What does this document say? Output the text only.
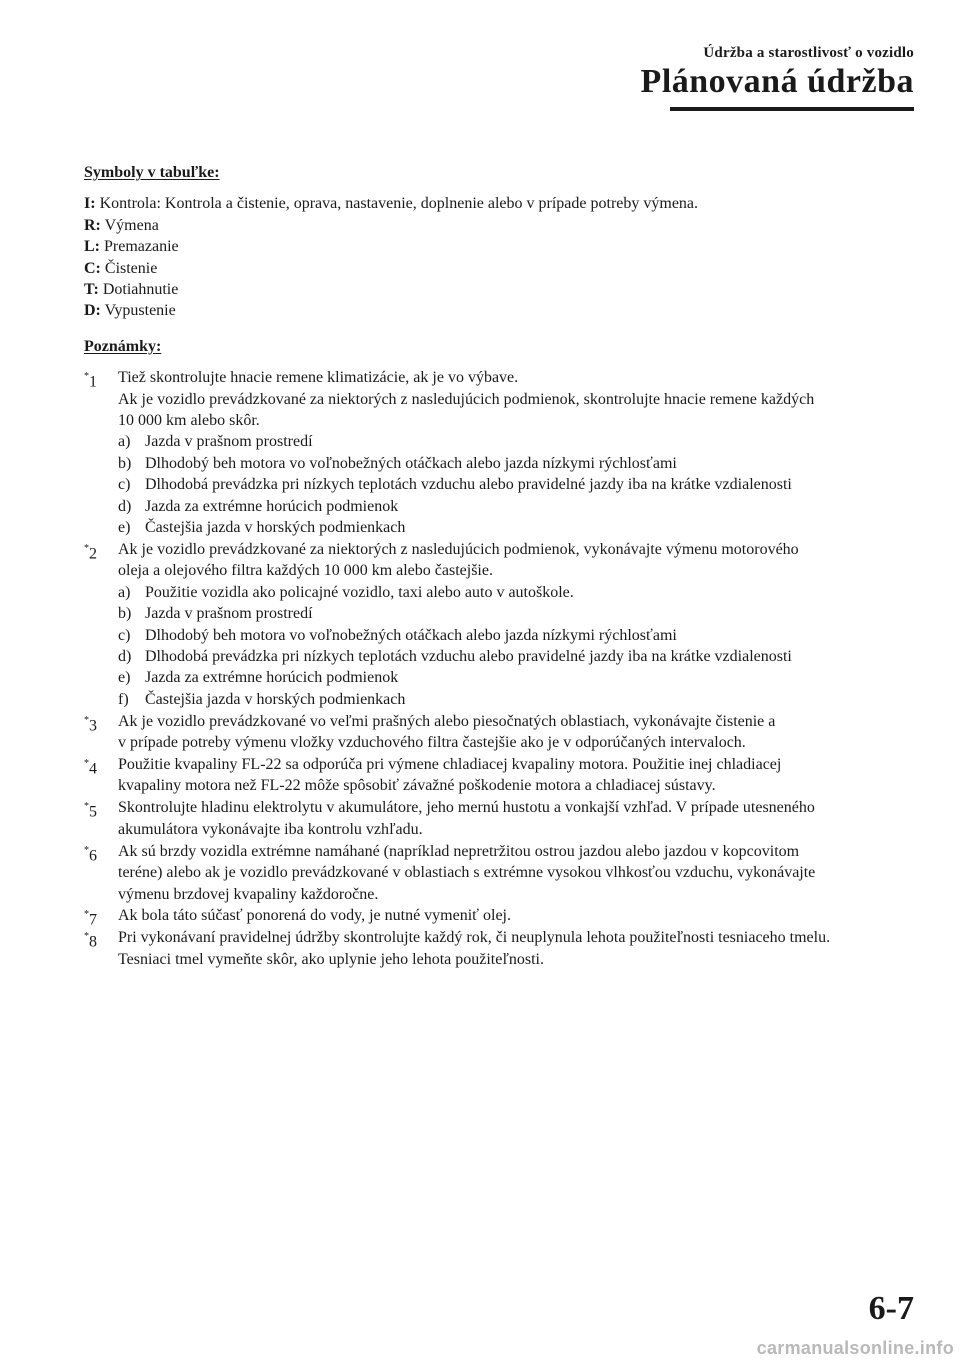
Údržba a starostlivosť o vozidlo
Plánovaná údržba
Symboly v tabuľke:
I: Kontrola: Kontrola a čistenie, oprava, nastavenie, doplnenie alebo v prípade potreby výmena.
R: Výmena
L: Premazanie
C: Čistenie
T: Dotiahnutie
D: Vypustenie
Poznámky:
*1 Tiež skontrolujte hnacie remene klimatizácie, ak je vo výbave.
Ak je vozidlo prevádzkované za niektorých z nasledujúcich podmienok, skontrolujte hnacie remene každých
10 000 km alebo skôr.
a) Jazda v prašnom prostredí
b) Dlhodobý beh motora vo voľnobežných otáčkach alebo jazda nízkymi rýchlosťami
c) Dlhodobá prevádzka pri nízkych teplotách vzduchu alebo pravidelné jazdy iba na krátke vzdialenosti
d) Jazda za extrémne horúcich podmienok
e) Častejšia jazda v horských podmienkach
*2 Ak je vozidlo prevádzkované za niektorých z nasledujúcich podmienok, vykonávajte výmenu motorového
oleja a olejového filtra každých 10 000 km alebo častejšie.
a) Použitie vozidla ako policajné vozidlo, taxi alebo auto v autoškole.
b) Jazda v prašnom prostredí
c) Dlhodobý beh motora vo voľnobežných otáčkach alebo jazda nízkymi rýchlosťami
d) Dlhodobá prevádzka pri nízkych teplotách vzduchu alebo pravidelné jazdy iba na krátke vzdialenosti
e) Jazda za extrémne horúcich podmienok
f) Častejšia jazda v horských podmienkach
*3 Ak je vozidlo prevádzkované vo veľmi prašných alebo piesočnatých oblastiach, vykonávajte čistenie a
v prípade potreby výmenu vložky vzduchového filtra častejšie ako je v odporúčaných intervaloch.
*4 Použitie kvapaliny FL-22 sa odporúča pri výmene chladiacej kvapaliny motora. Použitie inej chladiacej
kvapaliny motora než FL-22 môže spôsobiť závažné poškodenie motora a chladiacej sústavy.
*5 Skontrolujte hladinu elektrolytu v akumulátore, jeho mernú hustotu a vonkajší vzhľad. V prípade utesneného
akumulátora vykonávajte iba kontrolu vzhľadu.
*6 Ak sú brzdy vozidla extrémne namáhané (napríklad nepretržitou ostrou jazdou alebo jazdou v kopcovitom
teréne) alebo ak je vozidlo prevádzkované v oblastiach s extrémne vysokou vlhkosťou vzduchu, vykonávajte
výmenu brzdovej kvapaliny každoročne.
*7 Ak bola táto súčasť ponorená do vody, je nutné vymeniť olej.
*8 Pri vykonávaní pravidelnej údržby skontrolujte každý rok, či neuplynula lehota použiteľnosti tesniaceho tmelu.
Tesniaci tmel vymeňte skôr, ako uplynie jeho lehota použiteľnosti.
6-7
carmanualsonline.info
